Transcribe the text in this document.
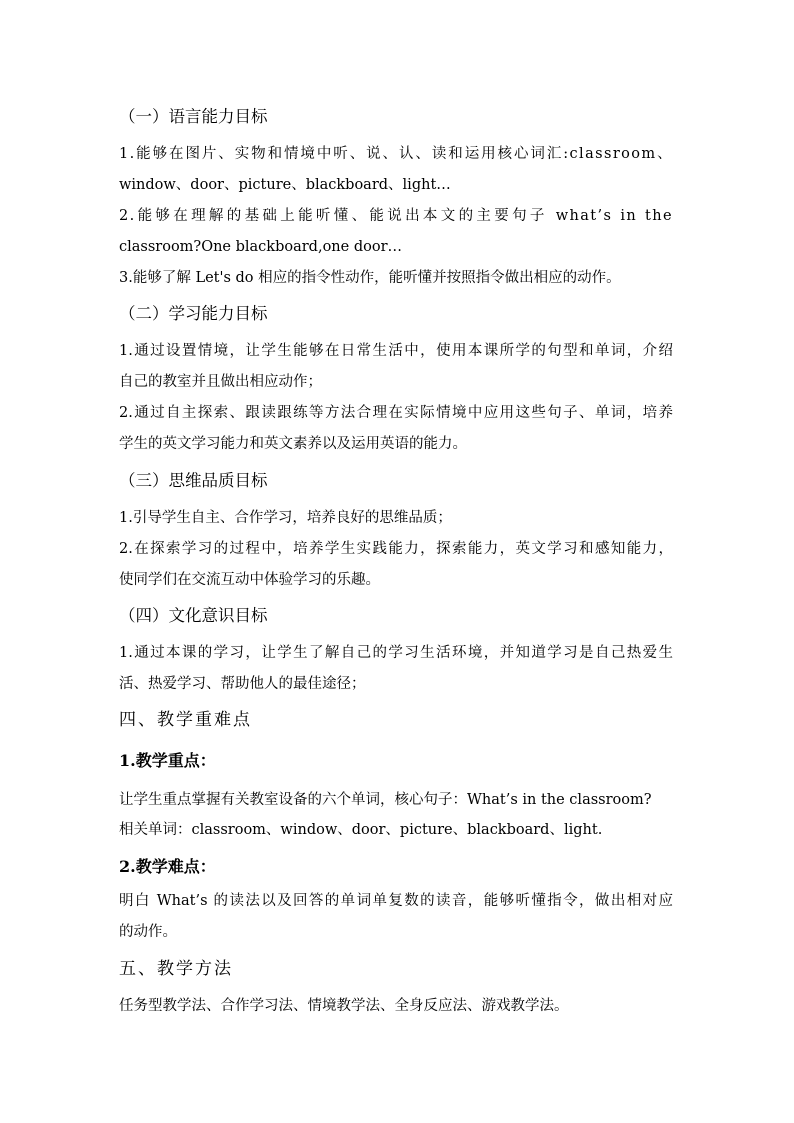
（一）语言能力目标
1.能够在图片、实物和情境中听、说、认、读和运用核心词汇:classroom、
window、door、picture、blackboard、light…
2.能够在理解的基础上能听懂、能说出本文的主要句子 what’s in the
classroom?One blackboard,one door…
3.能够了解 Let's do 相应的指令性动作，能听懂并按照指令做出相应的动作。
（二）学习能力目标
1.通过设置情境，让学生能够在日常生活中，使用本课所学的句型和单词，介绍
自己的教室并且做出相应动作；
2.通过自主探索、跟读跟练等方法合理在实际情境中应用这些句子、单词，培养
学生的英文学习能力和英文素养以及运用英语的能力。
（三）思维品质目标
1.引导学生自主、合作学习，培养良好的思维品质；
2.在探索学习的过程中，培养学生实践能力，探索能力，英文学习和感知能力，
使同学们在交流互动中体验学习的乐趣。
（四）文化意识目标
1.通过本课的学习，让学生了解自己的学习生活环境，并知道学习是自己热爱生
活、热爱学习、帮助他人的最佳途径；
四、教学重难点
1.教学重点：
让学生重点掌握有关教室设备的六个单词，核心句子：What’s in the classroom?
相关单词：classroom、window、door、picture、blackboard、light.
2.教学难点：
明白 What’s 的读法以及回答的单词单复数的读音，能够听懂指令，做出相对应
的动作。
五、教学方法
任务型教学法、合作学习法、情境教学法、全身反应法、游戏教学法。
